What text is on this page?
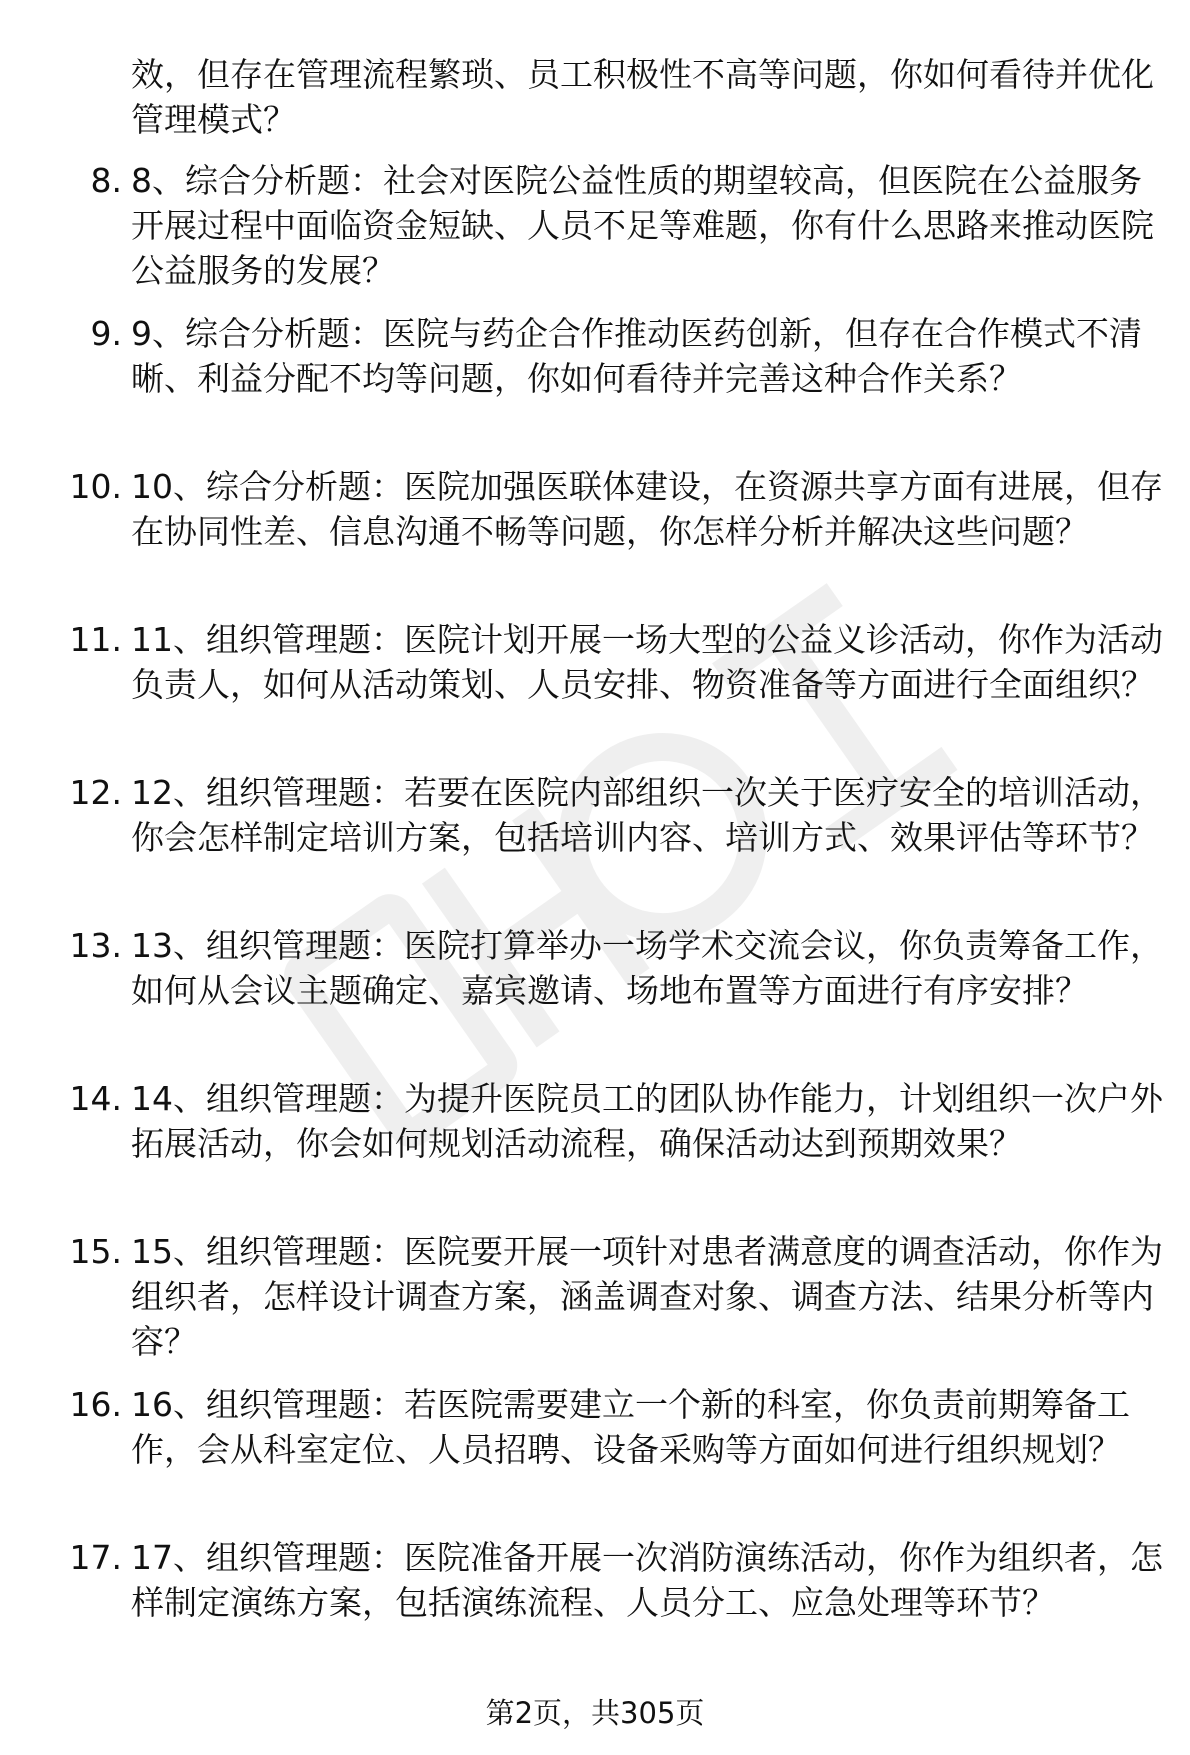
效，但存在管理流程繁琐、员工积极性不高等问题，你如何看待并优化管理模式？

8. 8、综合分析题：社会对医院公益性质的期望较高，但医院在公益服务开展过程中面临资金短缺、人员不足等难题，你有什么思路来推动医院公益服务的发展？
9. 9、综合分析题：医院与药企合作推动医药创新，但存在合作模式不清晰、利益分配不均等问题，你如何看待并完善这种合作关系？
10. 10、综合分析题：医院加强医联体建设，在资源共享方面有进展，但存在协同性差、信息沟通不畅等问题，你怎样分析并解决这些问题？
11. 11、组织管理题：医院计划开展一场大型的公益义诊活动，你作为活动负责人，如何从活动策划、人员安排、物资准备等方面进行全面组织？
12. 12、组织管理题：若要在医院内部组织一次关于医疗安全的培训活动，你会怎样制定培训方案，包括培训内容、培训方式、效果评估等环节？
13. 13、组织管理题：医院打算举办一场学术交流会议，你负责筹备工作，如何从会议主题确定、嘉宾邀请、场地布置等方面进行有序安排？
14. 14、组织管理题：为提升医院员工的团队协作能力，计划组织一次户外拓展活动，你会如何规划活动流程，确保活动达到预期效果？
15. 15、组织管理题：医院要开展一项针对患者满意度的调查活动，你作为组织者，怎样设计调查方案，涵盖调查对象、调查方法、结果分析等内容？
16. 16、组织管理题：若医院需要建立一个新的科室，你负责前期筹备工作，会从科室定位、人员招聘、设备采购等方面如何进行组织规划？
17. 17、组织管理题：医院准备开展一次消防演练活动，你作为组织者，怎样制定演练方案，包括演练流程、人员分工、应急处理等环节？
第2页，共305页
